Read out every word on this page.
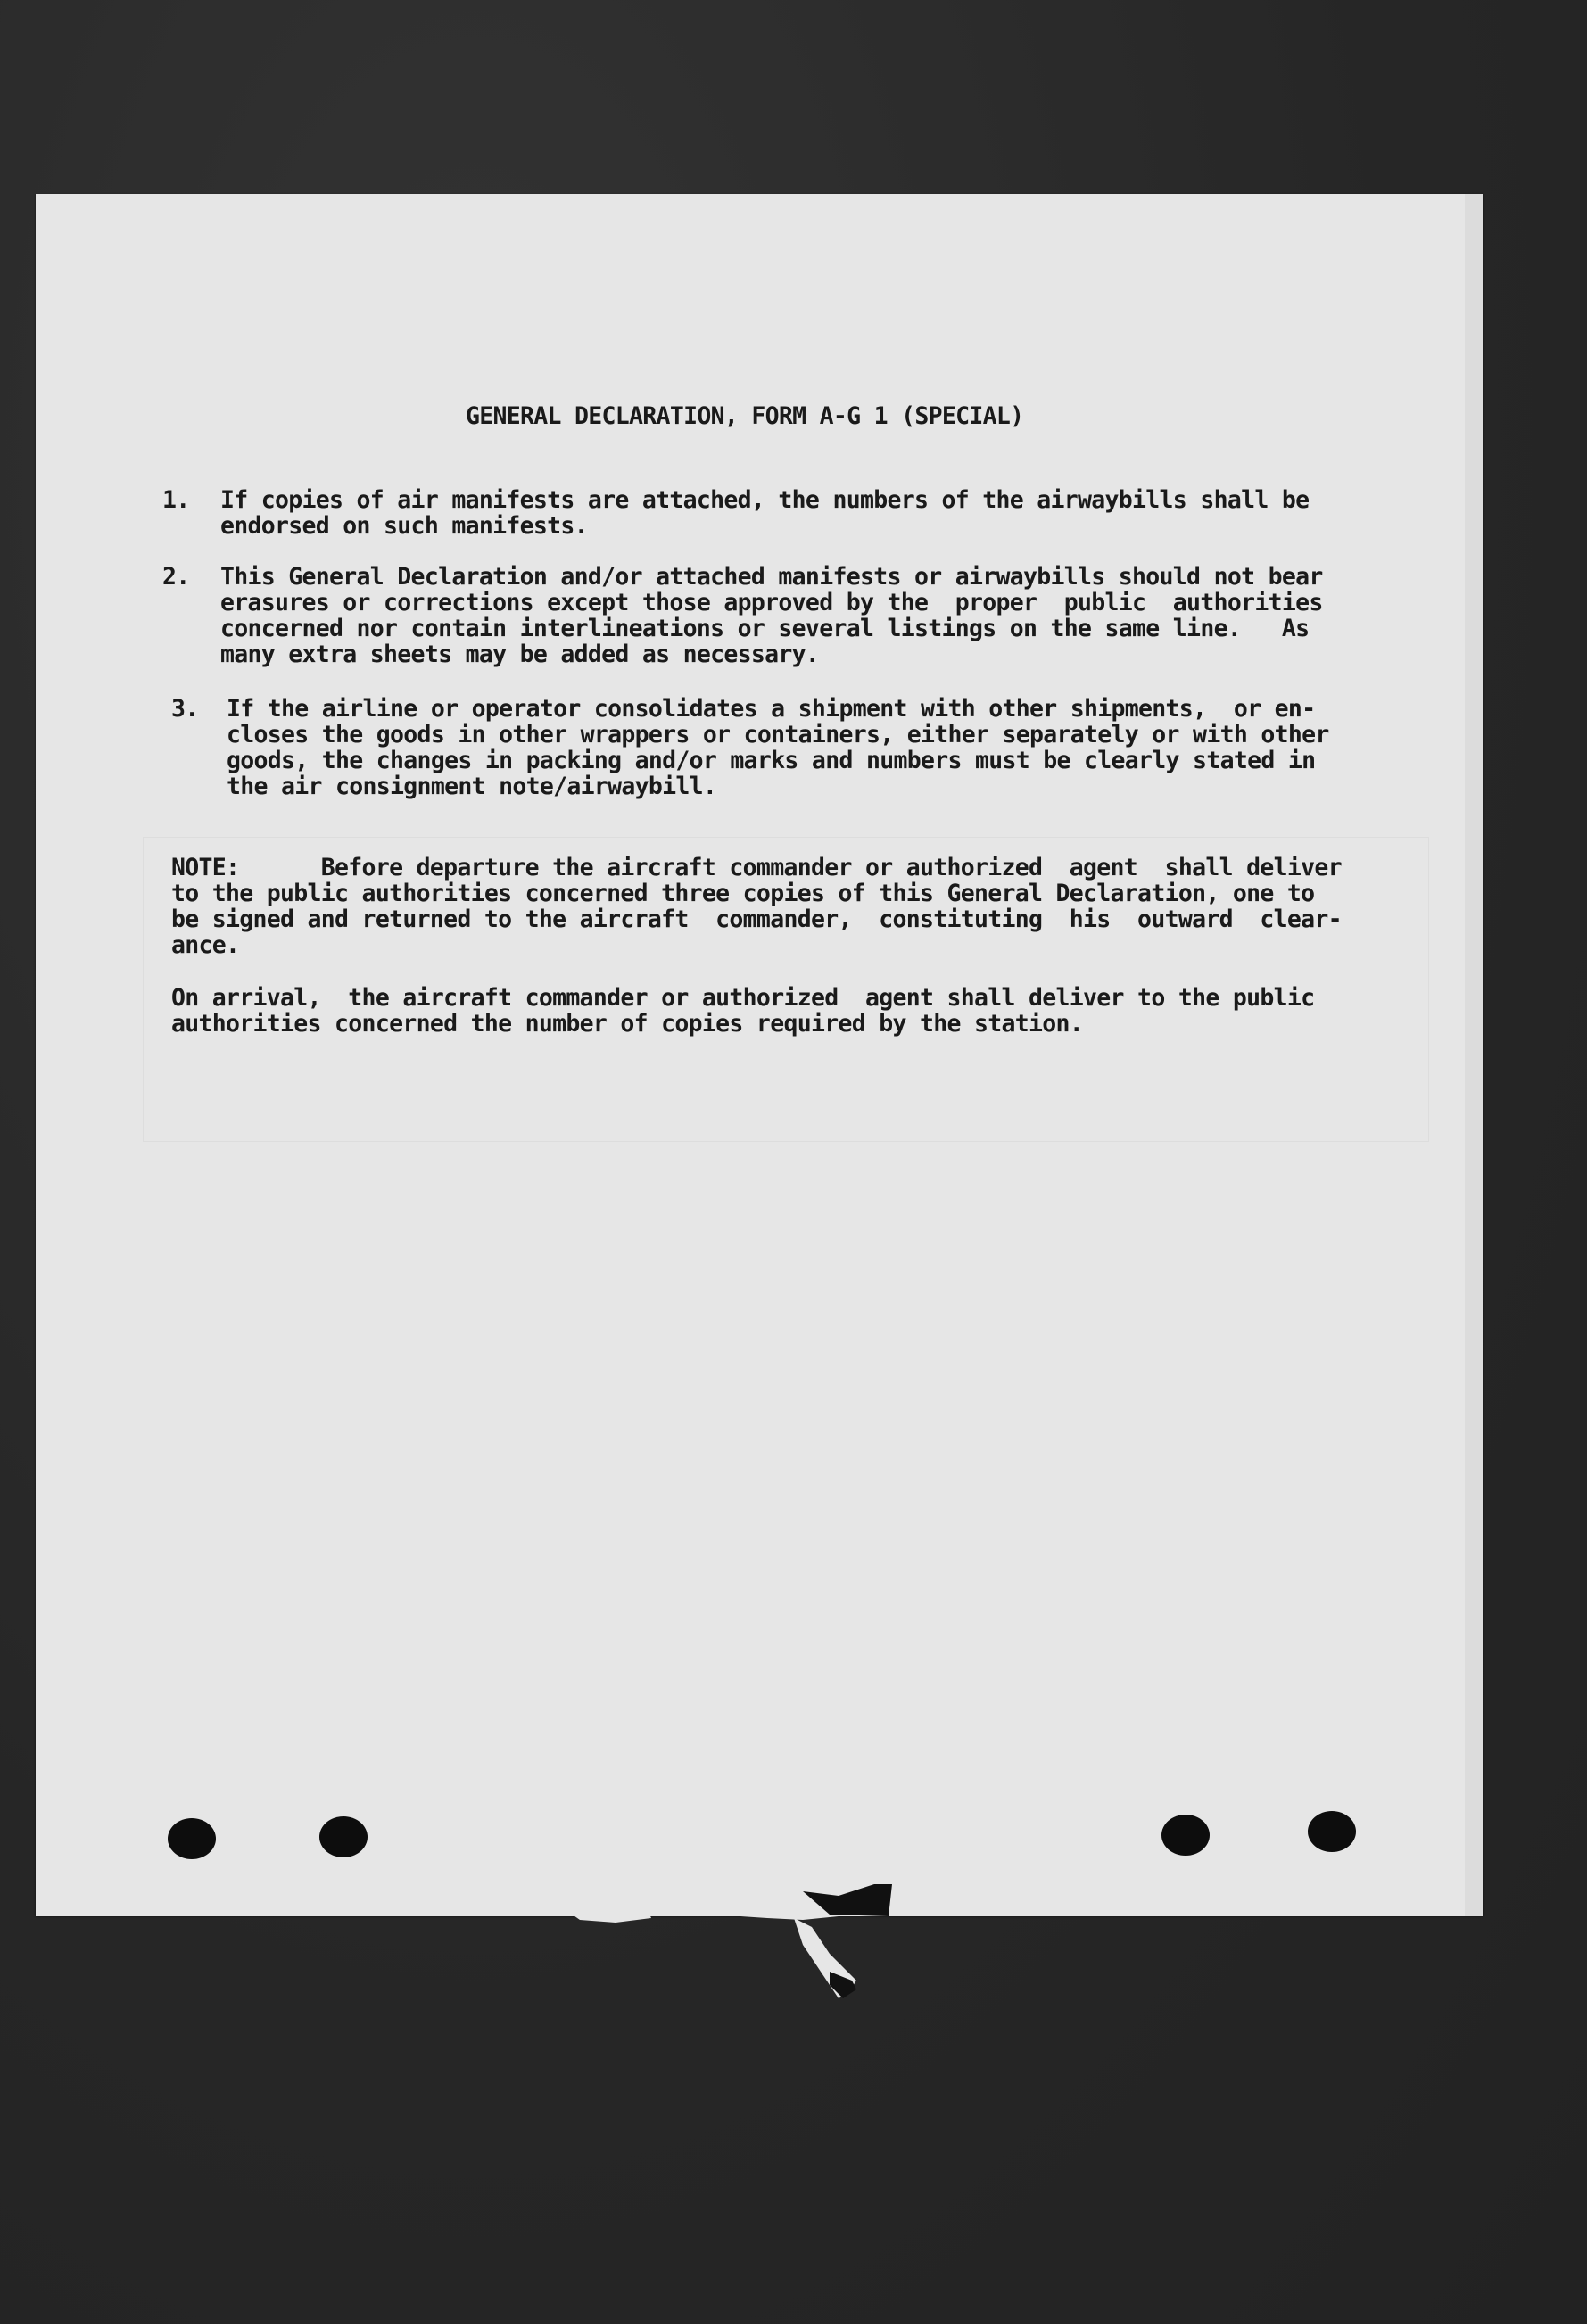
GENERAL DECLARATION, FORM A-G 1 (SPECIAL)
1. If copies of air manifests are attached, the numbers of the airwaybills shall be
endorsed on such manifests.
2. This General Declaration and/or attached manifests or airwaybills should not bear
erasures or corrections except those approved by the  proper  public  authorities
concerned nor contain interlineations or several listings on the same line.   As
many extra sheets may be added as necessary.
3. If the airline or operator consolidates a shipment with other shipments,  or en-
closes the goods in other wrappers or containers, either separately or with other
goods, the changes in packing and/or marks and numbers must be clearly stated in
the air consignment note/airwaybill.
NOTE:      Before departure the aircraft commander or authorized  agent  shall deliver
to the public authorities concerned three copies of this General Declaration, one to
be signed and returned to the aircraft  commander,  constituting  his  outward  clear-
ance.
On arrival,  the aircraft commander or authorized  agent shall deliver to the public
authorities concerned the number of copies required by the station.
